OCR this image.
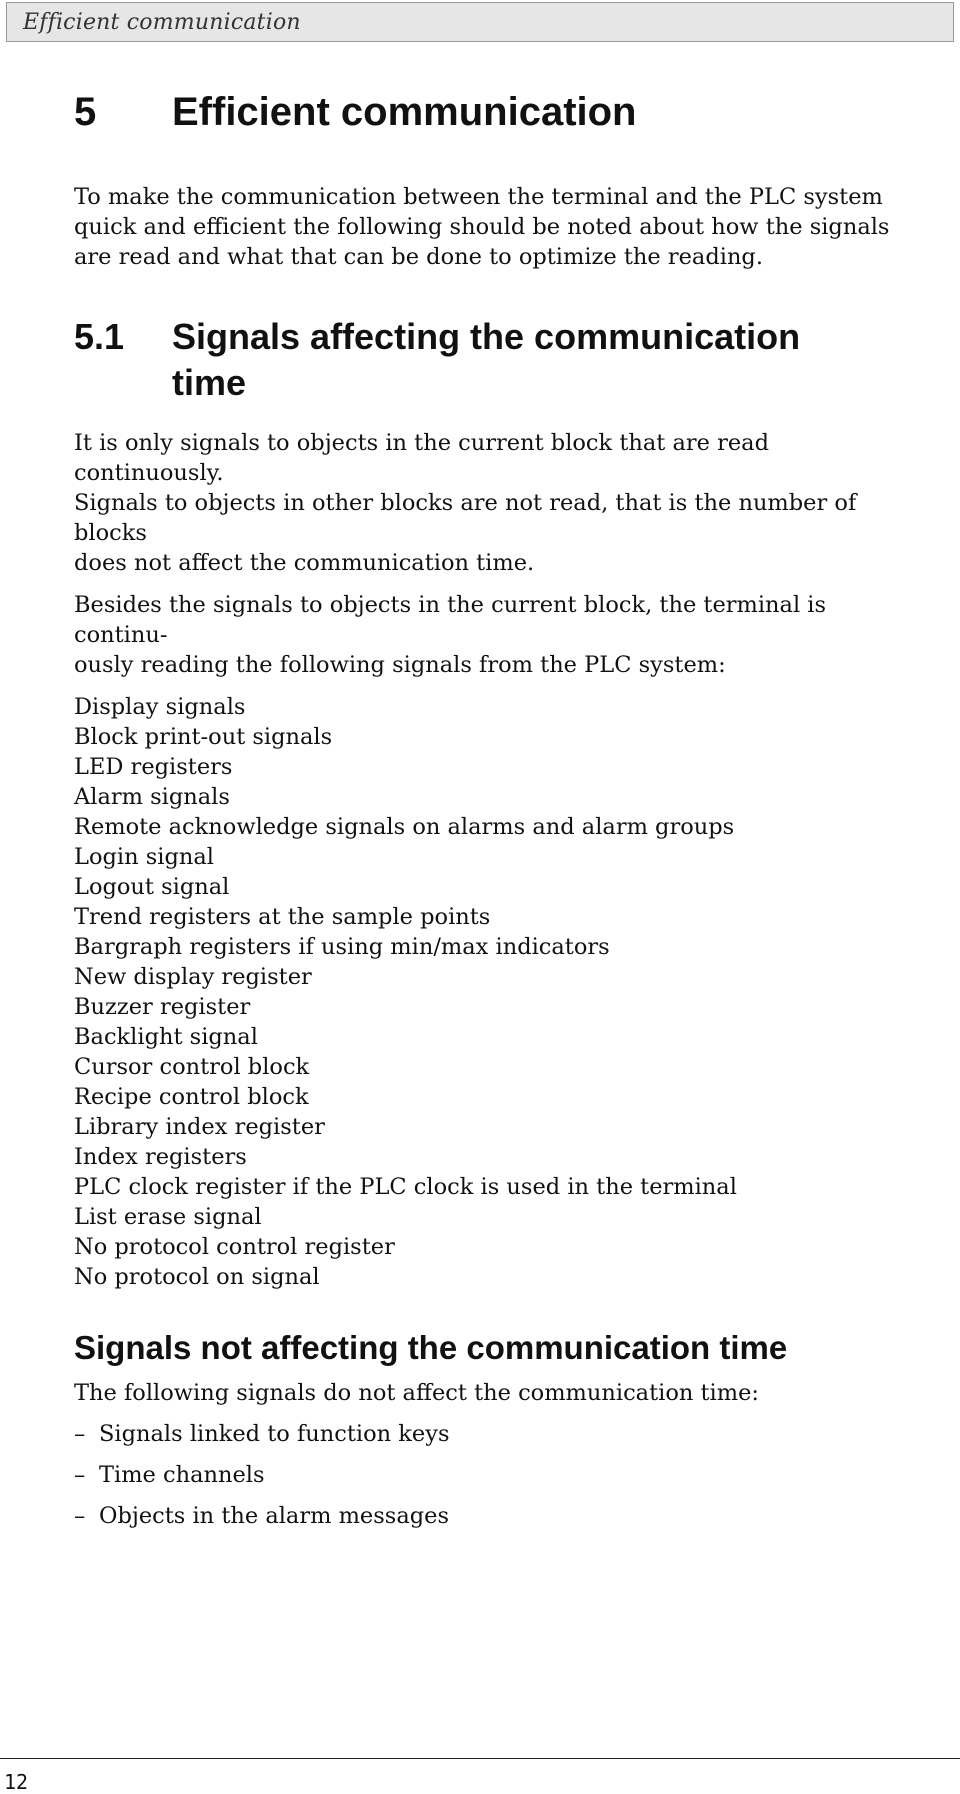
Efficient communication
5	Efficient communication

To make the communication between the terminal and the PLC system quick and efficient the following should be noted about how the signals are read and what that can be done to optimize the reading.

5.1	Signals affecting the communication
time

It is only signals to objects in the current block that are read continuously.
Signals to objects in other blocks are not read, that is the number of blocks
does not affect the communication time.

Besides the signals to objects in the current block, the terminal is continu-
ously reading the following signals from the PLC system:

Display signals
Block print-out signals
LED registers
Alarm signals
Remote acknowledge signals on alarms and alarm groups
Login signal
Logout signal
Trend registers at the sample points
Bargraph registers if using min/max indicators
New display register
Buzzer register
Backlight signal
Cursor control block
Recipe control block
Library index register
Index registers
PLC clock register if the PLC clock is used in the terminal
List erase signal
No protocol control register
No protocol on signal
Signals not affecting the communication time

The following signals do not affect the communication time:

– Signals linked to function keys
– Time channels
– Objects in the alarm messages
12
